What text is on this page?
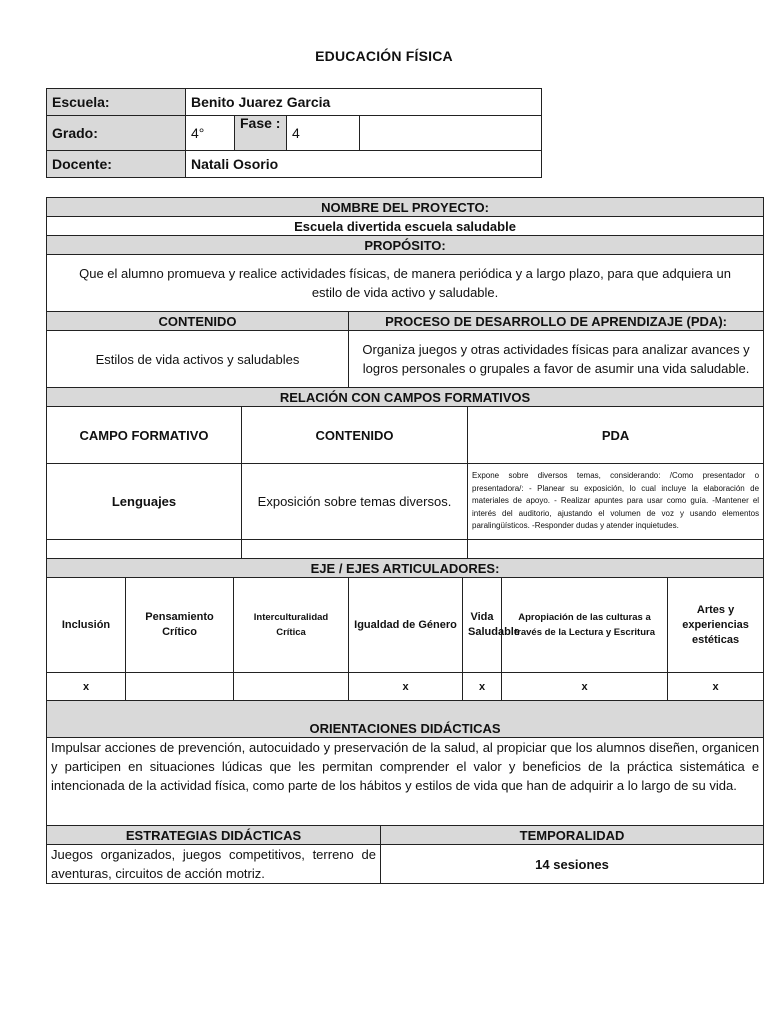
EDUCACIÓN FÍSICA
Escuela:	Benito Juarez Garcia			
Grado:	4°	Fase :	4	
Docente:	Natali Osorio			
NOMBRE DEL PROYECTO:									
Escuela divertida escuela saludable									
PROPÓSITO:									
Que el alumno promueva y realice actividades físicas, de manera periódica y a largo plazo, para que adquiera un estilo de vida activo y saludable.									
CONTENIDO				PROCESO DE DESARROLLO DE APRENDIZAJE (PDA):					
Estilos de vida activos y saludables				Organiza juegos y otras actividades físicas para analizar avances y logros personales o grupales a favor de asumir una vida saludable.					
RELACIÓN CON CAMPOS FORMATIVOS									
CAMPO FORMATIVO			CONTENIDO				PDA		
Lenguajes			Exposición sobre temas diversos.				Expone sobre diversos temas, considerando: /Como presentador o presentadora/: - Planear su exposición, lo cual incluye la elaboración de materiales de apoyo. - Realizar apuntes para usar como guía. -Mantener el interés del auditorio, ajustando el volumen de voz y usando elementos paralingüísticos. -Responder dudas y atender inquietudes.		

EJE / EJES ARTICULADORES:									
Inclusión	Pensamiento Crítico	Interculturalidad Crítica		Igualdad de Género		Vida Saludable		Apropiación de las culturas a través de la Lectura y Escritura	Artes y experiencias estéticas
x				x		x		x	x
ORIENTACIONES DIDÁCTICAS									
Impulsar acciones de prevención, autocuidado y preservación de la salud, al propiciar que los alumnos diseñen, organicen y participen en situaciones lúdicas que les permitan comprender el valor y beneficios de la práctica sistemática e intencionada de la actividad física, como parte de los hábitos y estilos de vida que han de adquirir a lo largo de su vida.									
ESTRATEGIAS DIDÁCTICAS					TEMPORALIDAD				
Juegos organizados, juegos competitivos, terreno de aventuras, circuitos de acción motriz.					14 sesiones				
